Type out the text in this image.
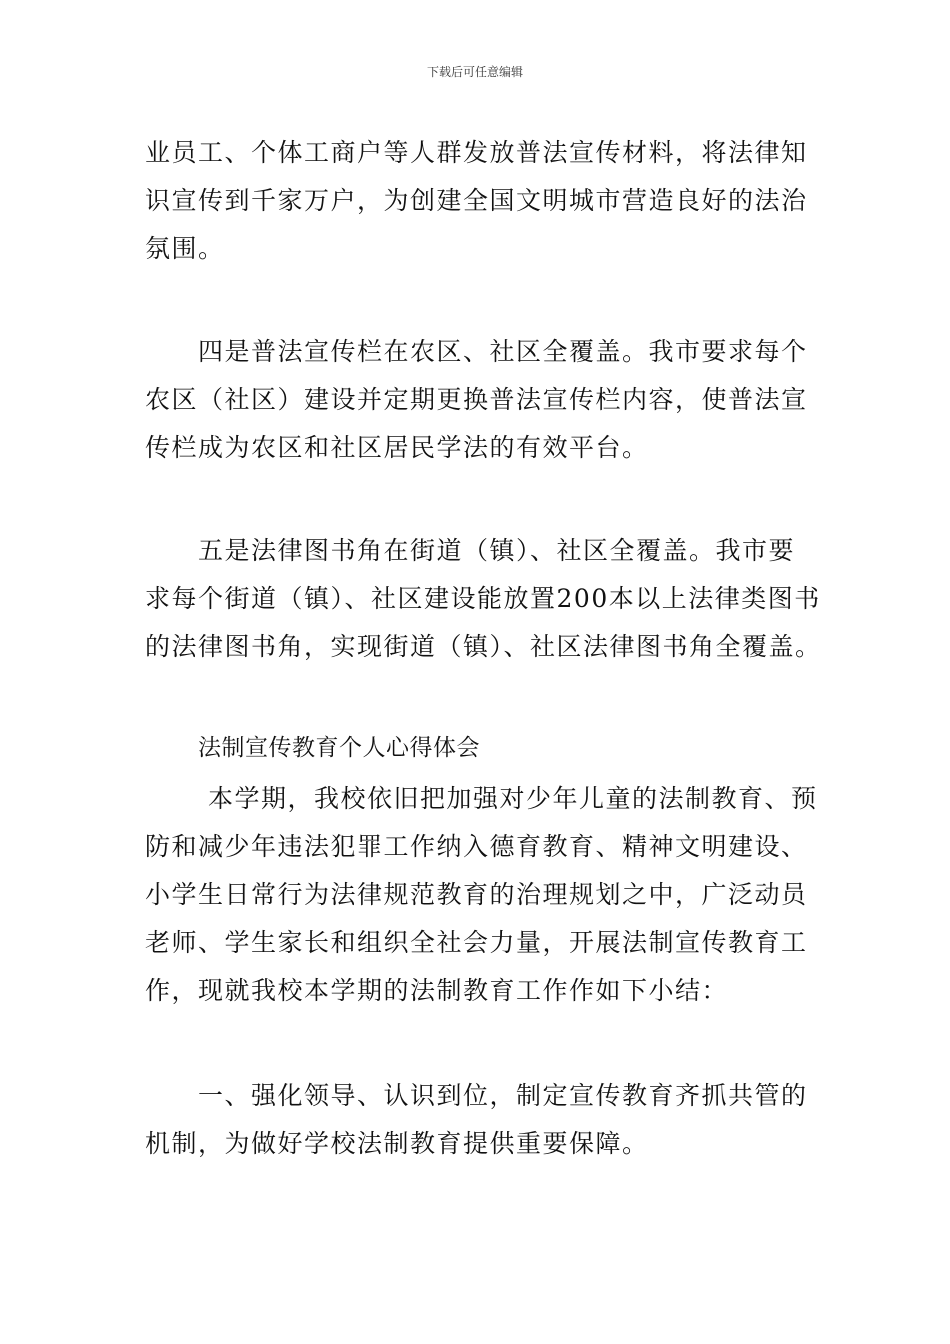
下载后可任意编辑
业员工、个体工商户等人群发放普法宣传材料，将法律知
识宣传到千家万户，为创建全国文明城市营造良好的法治
氛围。
四是普法宣传栏在农区、社区全覆盖。我市要求每个
农区（社区）建设并定期更换普法宣传栏内容，使普法宣
传栏成为农区和社区居民学法的有效平台。
五是法律图书角在街道（镇）、社区全覆盖。我市要
求每个街道（镇）、社区建设能放置200本以上法律类图书
的法律图书角，实现街道（镇）、社区法律图书角全覆盖。
法制宣传教育个人心得体会
本学期，我校依旧把加强对少年儿童的法制教育、预
防和减少年违法犯罪工作纳入德育教育、精神文明建设、
小学生日常行为法律规范教育的治理规划之中，广泛动员
老师、学生家长和组织全社会力量，开展法制宣传教育工
作，现就我校本学期的法制教育工作作如下小结：
一、强化领导、认识到位，制定宣传教育齐抓共管的
机制，为做好学校法制教育提供重要保障。
